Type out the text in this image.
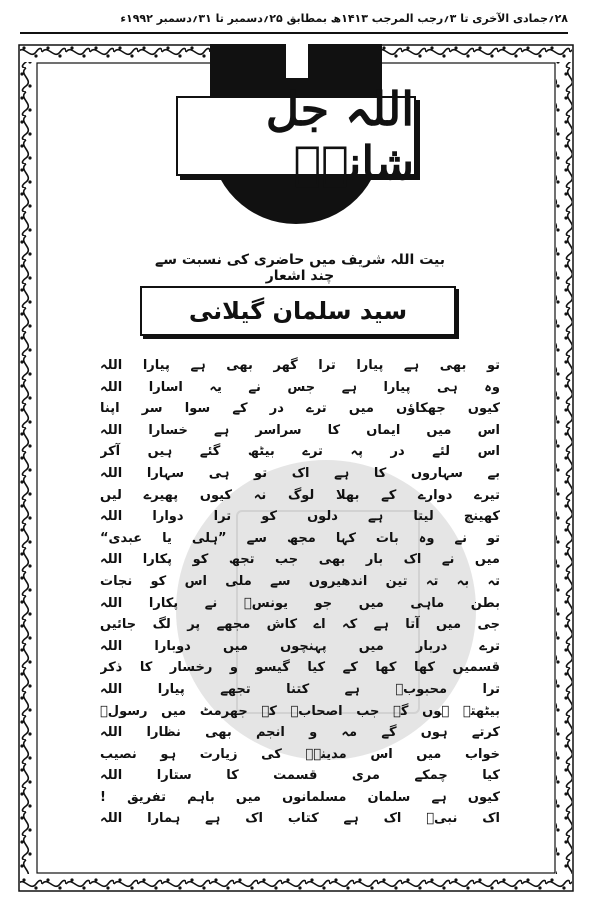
۲۸؍جمادی الآخری تا ۳؍رجب المرجب ۱۴۱۳ھ بمطابق ۲۵؍دسمبر تا ۳۱؍دسمبر ۱۹۹۲ء
اللہ جل شانہٗ
بیت اللہ شریف میں حاضری کی نسبت سے چند اشعار
سید سلمان گیلانی
تو بھی ہے پیارا ترا گھر بھی ہے پیارا اللہ
وہ ہی پیارا ہے جس نے یہ اسارا اللہ
کیوں جھکاؤں میں ترے در کے سوا سر اپنا
اس میں ایماں کا سراسر ہے خسارا اللہ
اس لئے در پہ ترے بیٹھ گئے ہیں آکر
بے سہاروں کا ہے اک تو ہی سہارا اللہ
تیرے دوارے کے بھلا لوگ نہ کیوں پھیرے لیں
کھینچ لیتا ہے دلوں کو ترا دوارا اللہ
تو نے وہ بات کہا مجھ سے ”ہلی یا عبدی“
میں نے اک بار بھی جب تجھ کو پکارا اللہ
تہ بہ تہ تین اندھیروں سے ملی اس کو نجات
بطن ماہی میں جو یونسؑ نے پکارا اللہ
جی میں آتا ہے کہ اے کاش مجھے پر لگ جائیں
ترے دربار میں پہنچوں میں دوبارا اللہ
قسمیں کھا کھا کے کیا گیسو و رخسار کا ذکر
ترا محبوبؐ ہے کتنا تجھے پیارا اللہ
بیٹھتے ہوں گے جب اصحابؓ کے جھرمٹ میں رسولؐ
کرتے ہوں گے مہ و انجم بھی نظارا اللہ
خواب میں اس مدینےؐ کی زیارت ہو نصیب
کیا چمکے مری قسمت کا ستارا اللہ
کیوں ہے سلمان مسلمانوں میں باہم تفریق !
اک نبیؐ اک ہے کتاب اک ہے ہمارا اللہ
